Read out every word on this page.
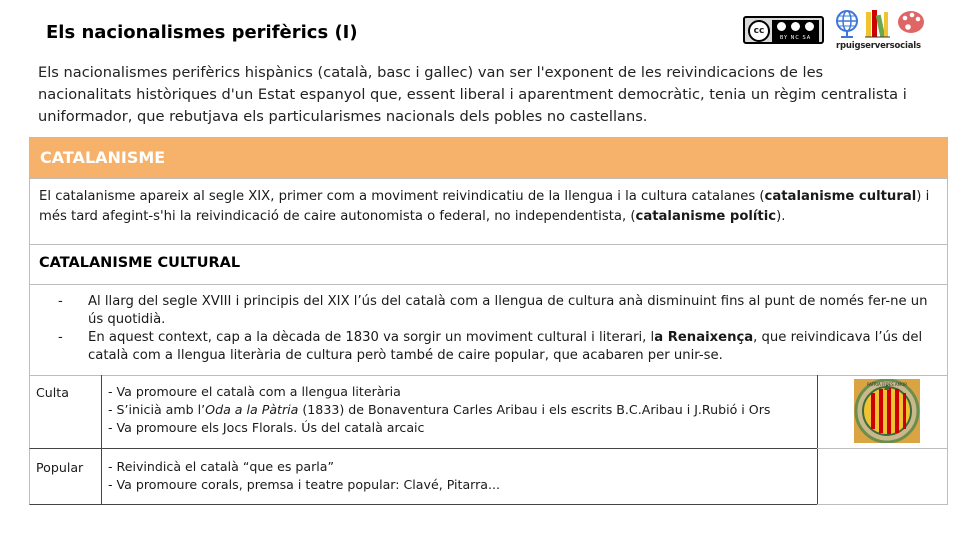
Els nacionalismes perifèrics (I)	cc
BY NC SA
rpuigserversocials
Els nacionalismes perifèrics hispànics (català, basc i gallec) van ser l'exponent de les reivindicacions de les nacionalitats històriques d'un Estat espanyol que, essent liberal i aparentment democràtic, tenia un règim centralista i uniformador, que rebutjava els particularismes nacionals dels pobles no castellans.
CATALANISME
El catalanisme apareix al segle XIX, primer com a moviment reivindicatiu de la llengua i la cultura catalanes (catalanisme cultural) i més tard afegint-s'hi la reivindicació de caire autonomista o federal, no independentista, (catalanisme polític).
CATALANISME CULTURAL
-	Al llarg del segle XVIII i principis del XIX l’ús del català com a llengua de cultura anà disminuint fins al punt de només fer-ne un ús quotidià.
-	En aquest context, cap a la dècada de 1830 va sorgir un moviment cultural i literari, la Renaixença, que reivindicava l’ús del català com a llengua literària de cultura però també de caire popular, que acabaren per unir-se.
Culta	- Va promoure el català com a llengua literària
- S’inicià amb l’Oda a la Pàtria (1833) de Bonaventura Carles Aribau i els escrits B.C.Aribau i J.Rubió i Ors
- Va promoure els Jocs Florals. Ús del català arcaic
PATRIA FIDES AMOR
Popular	- Reivindicà el català “que es parla”
- Va promoure corals, premsa i teatre popular: Clavé, Pitarra...
